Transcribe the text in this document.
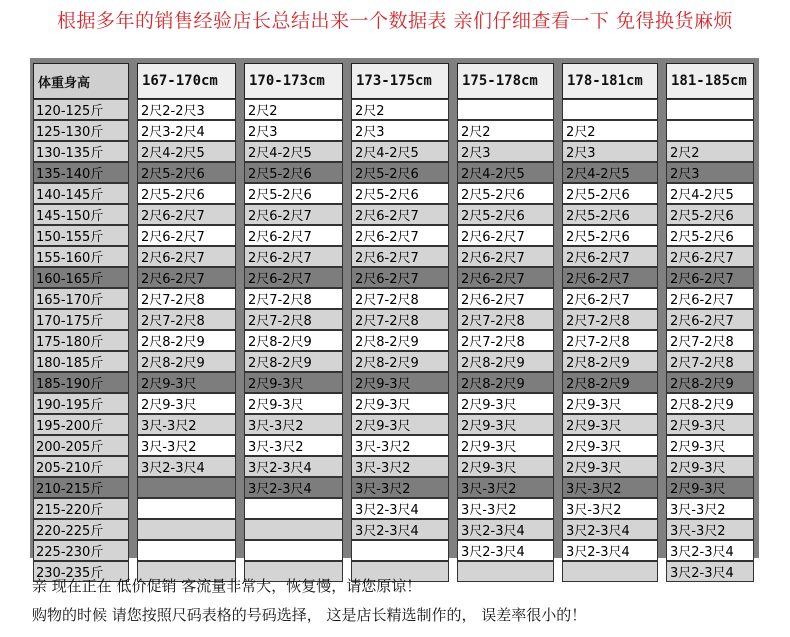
根据多年的销售经验店长总结出来一个数据表 亲们仔细查看一下 免得换货麻烦
体重身高		167-170cm		170-173cm		173-175cm		175-178cm		178-181cm		181-185cm
120-125斤		2尺2-2尺3		2尺2		2尺2						
125-130斤		2尺3-2尺4		2尺3		2尺3		2尺2		2尺2		
130-135斤		2尺4-2尺5		2尺4-2尺5		2尺4-2尺5		2尺3		2尺3		2尺2
135-140斤		2尺5-2尺6		2尺5-2尺6		2尺5-2尺6		2尺4-2尺5		2尺4-2尺5		2尺3
140-145斤		2尺5-2尺6		2尺5-2尺6		2尺5-2尺6		2尺5-2尺6		2尺5-2尺6		2尺4-2尺5
145-150斤		2尺6-2尺7		2尺6-2尺7		2尺6-2尺7		2尺5-2尺6		2尺5-2尺6		2尺5-2尺6
150-155斤		2尺6-2尺7		2尺6-2尺7		2尺6-2尺7		2尺6-2尺7		2尺5-2尺6		2尺5-2尺6
155-160斤		2尺6-2尺7		2尺6-2尺7		2尺6-2尺7		2尺6-2尺7		2尺6-2尺7		2尺6-2尺7
160-165斤		2尺6-2尺7		2尺6-2尺7		2尺6-2尺7		2尺6-2尺7		2尺6-2尺7		2尺6-2尺7
165-170斤		2尺7-2尺8		2尺7-2尺8		2尺7-2尺8		2尺6-2尺7		2尺6-2尺7		2尺6-2尺7
170-175斤		2尺7-2尺8		2尺7-2尺8		2尺7-2尺8		2尺7-2尺8		2尺7-2尺8		2尺6-2尺7
175-180斤		2尺8-2尺9		2尺8-2尺9		2尺8-2尺9		2尺7-2尺8		2尺7-2尺8		2尺7-2尺8
180-185斤		2尺8-2尺9		2尺8-2尺9		2尺8-2尺9		2尺8-2尺9		2尺8-2尺9		2尺7-2尺8
185-190斤		2尺9-3尺		2尺9-3尺		2尺9-3尺		2尺8-2尺9		2尺8-2尺9		2尺8-2尺9
190-195斤		2尺9-3尺		2尺9-3尺		2尺9-3尺		2尺9-3尺		2尺9-3尺		2尺8-2尺9
195-200斤		3尺-3尺2		3尺-3尺2		2尺9-3尺		2尺9-3尺		2尺9-3尺		2尺9-3尺
200-205斤		3尺-3尺2		3尺-3尺2		3尺-3尺2		2尺9-3尺		2尺9-3尺		2尺9-3尺
205-210斤		3尺2-3尺4		3尺2-3尺4		3尺-3尺2		2尺9-3尺		2尺9-3尺		2尺9-3尺
210-215斤				3尺2-3尺4		3尺-3尺2		3尺-3尺2		3尺-3尺2		2尺9-3尺
215-220斤						3尺2-3尺4		3尺-3尺2		3尺-3尺2		3尺-3尺2
220-225斤						3尺2-3尺4		3尺2-3尺4		3尺2-3尺4		3尺-3尺2
225-230斤								3尺2-3尺4		3尺2-3尺4		3尺2-3尺4
230-235斤												3尺2-3尺4
亲 现在正在 低价促销 客流量非常大，恢复慢，请您原谅！
购物的时候 请您按照尺码表格的号码选择， 这是店长精选制作的， 误差率很小的！
